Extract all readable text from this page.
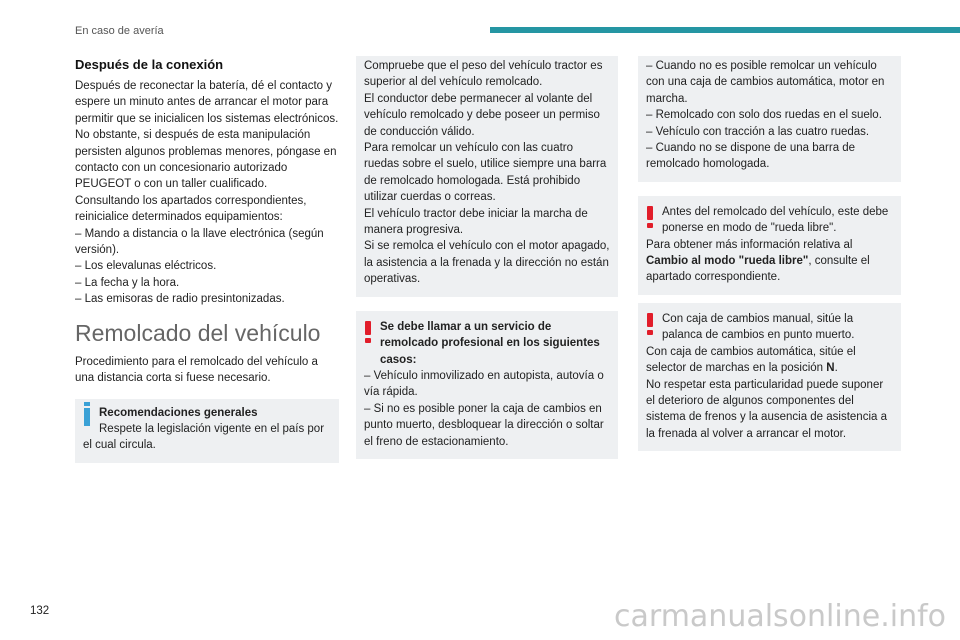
En caso de avería
Después de la conexión

Después de reconectar la batería, dé el contacto y espere un minuto antes de arrancar el motor para permitir que se inicialicen los sistemas electrónicos.

No obstante, si después de esta manipulación persisten algunos problemas menores, póngase en contacto con un concesionario autorizado PEUGEOT o con un taller cualificado.

Consultando los apartados correspondientes, reinicialice determinados equipamientos:

– Mando a distancia o la llave electrónica (según versión).
– Los elevalunas eléctricos.
– La fecha y la hora.
– Las emisoras de radio presintonizadas.
Remolcado del vehículo

Procedimiento para el remolcado del vehículo a una distancia corta si fuese necesario.

Recomendaciones generales
Respete la legislación vigente en el país por el cual circula.

Compruebe que el peso del vehículo tractor es superior al del vehículo remolcado.

El conductor debe permanecer al volante del vehículo remolcado y debe poseer un permiso de conducción válido.

Para remolcar un vehículo con las cuatro ruedas sobre el suelo, utilice siempre una barra de remolcado homologada. Está prohibido utilizar cuerdas o correas.

El vehículo tractor debe iniciar la marcha de manera progresiva.

Si se remolca el vehículo con el motor apagado, la asistencia a la frenada y la dirección no están operativas.

Se debe llamar a un servicio de remolcado profesional en los siguientes casos:

– Vehículo inmovilizado en autopista, autovía o vía rápida.

– Si no es posible poner la caja de cambios en punto muerto, desbloquear la dirección o soltar el freno de estacionamiento.

– Cuando no es posible remolcar un vehículo con una caja de cambios automática, motor en marcha.

– Remolcado con solo dos ruedas en el suelo.

– Vehículo con tracción a las cuatro ruedas.

– Cuando no se dispone de una barra de remolcado homologada.

Antes del remolcado del vehículo, este debe ponerse en modo de "rueda libre".

Para obtener más información relativa al Cambio al modo "rueda libre", consulte el apartado correspondiente.

Con caja de cambios manual, sitúe la palanca de cambios en punto muerto.

Con caja de cambios automática, sitúe el selector de marchas en la posición N.

No respetar esta particularidad puede suponer el deterioro de algunos componentes del sistema de frenos y la ausencia de asistencia a la frenada al volver a arrancar el motor.

132	carmanualsonline.info
